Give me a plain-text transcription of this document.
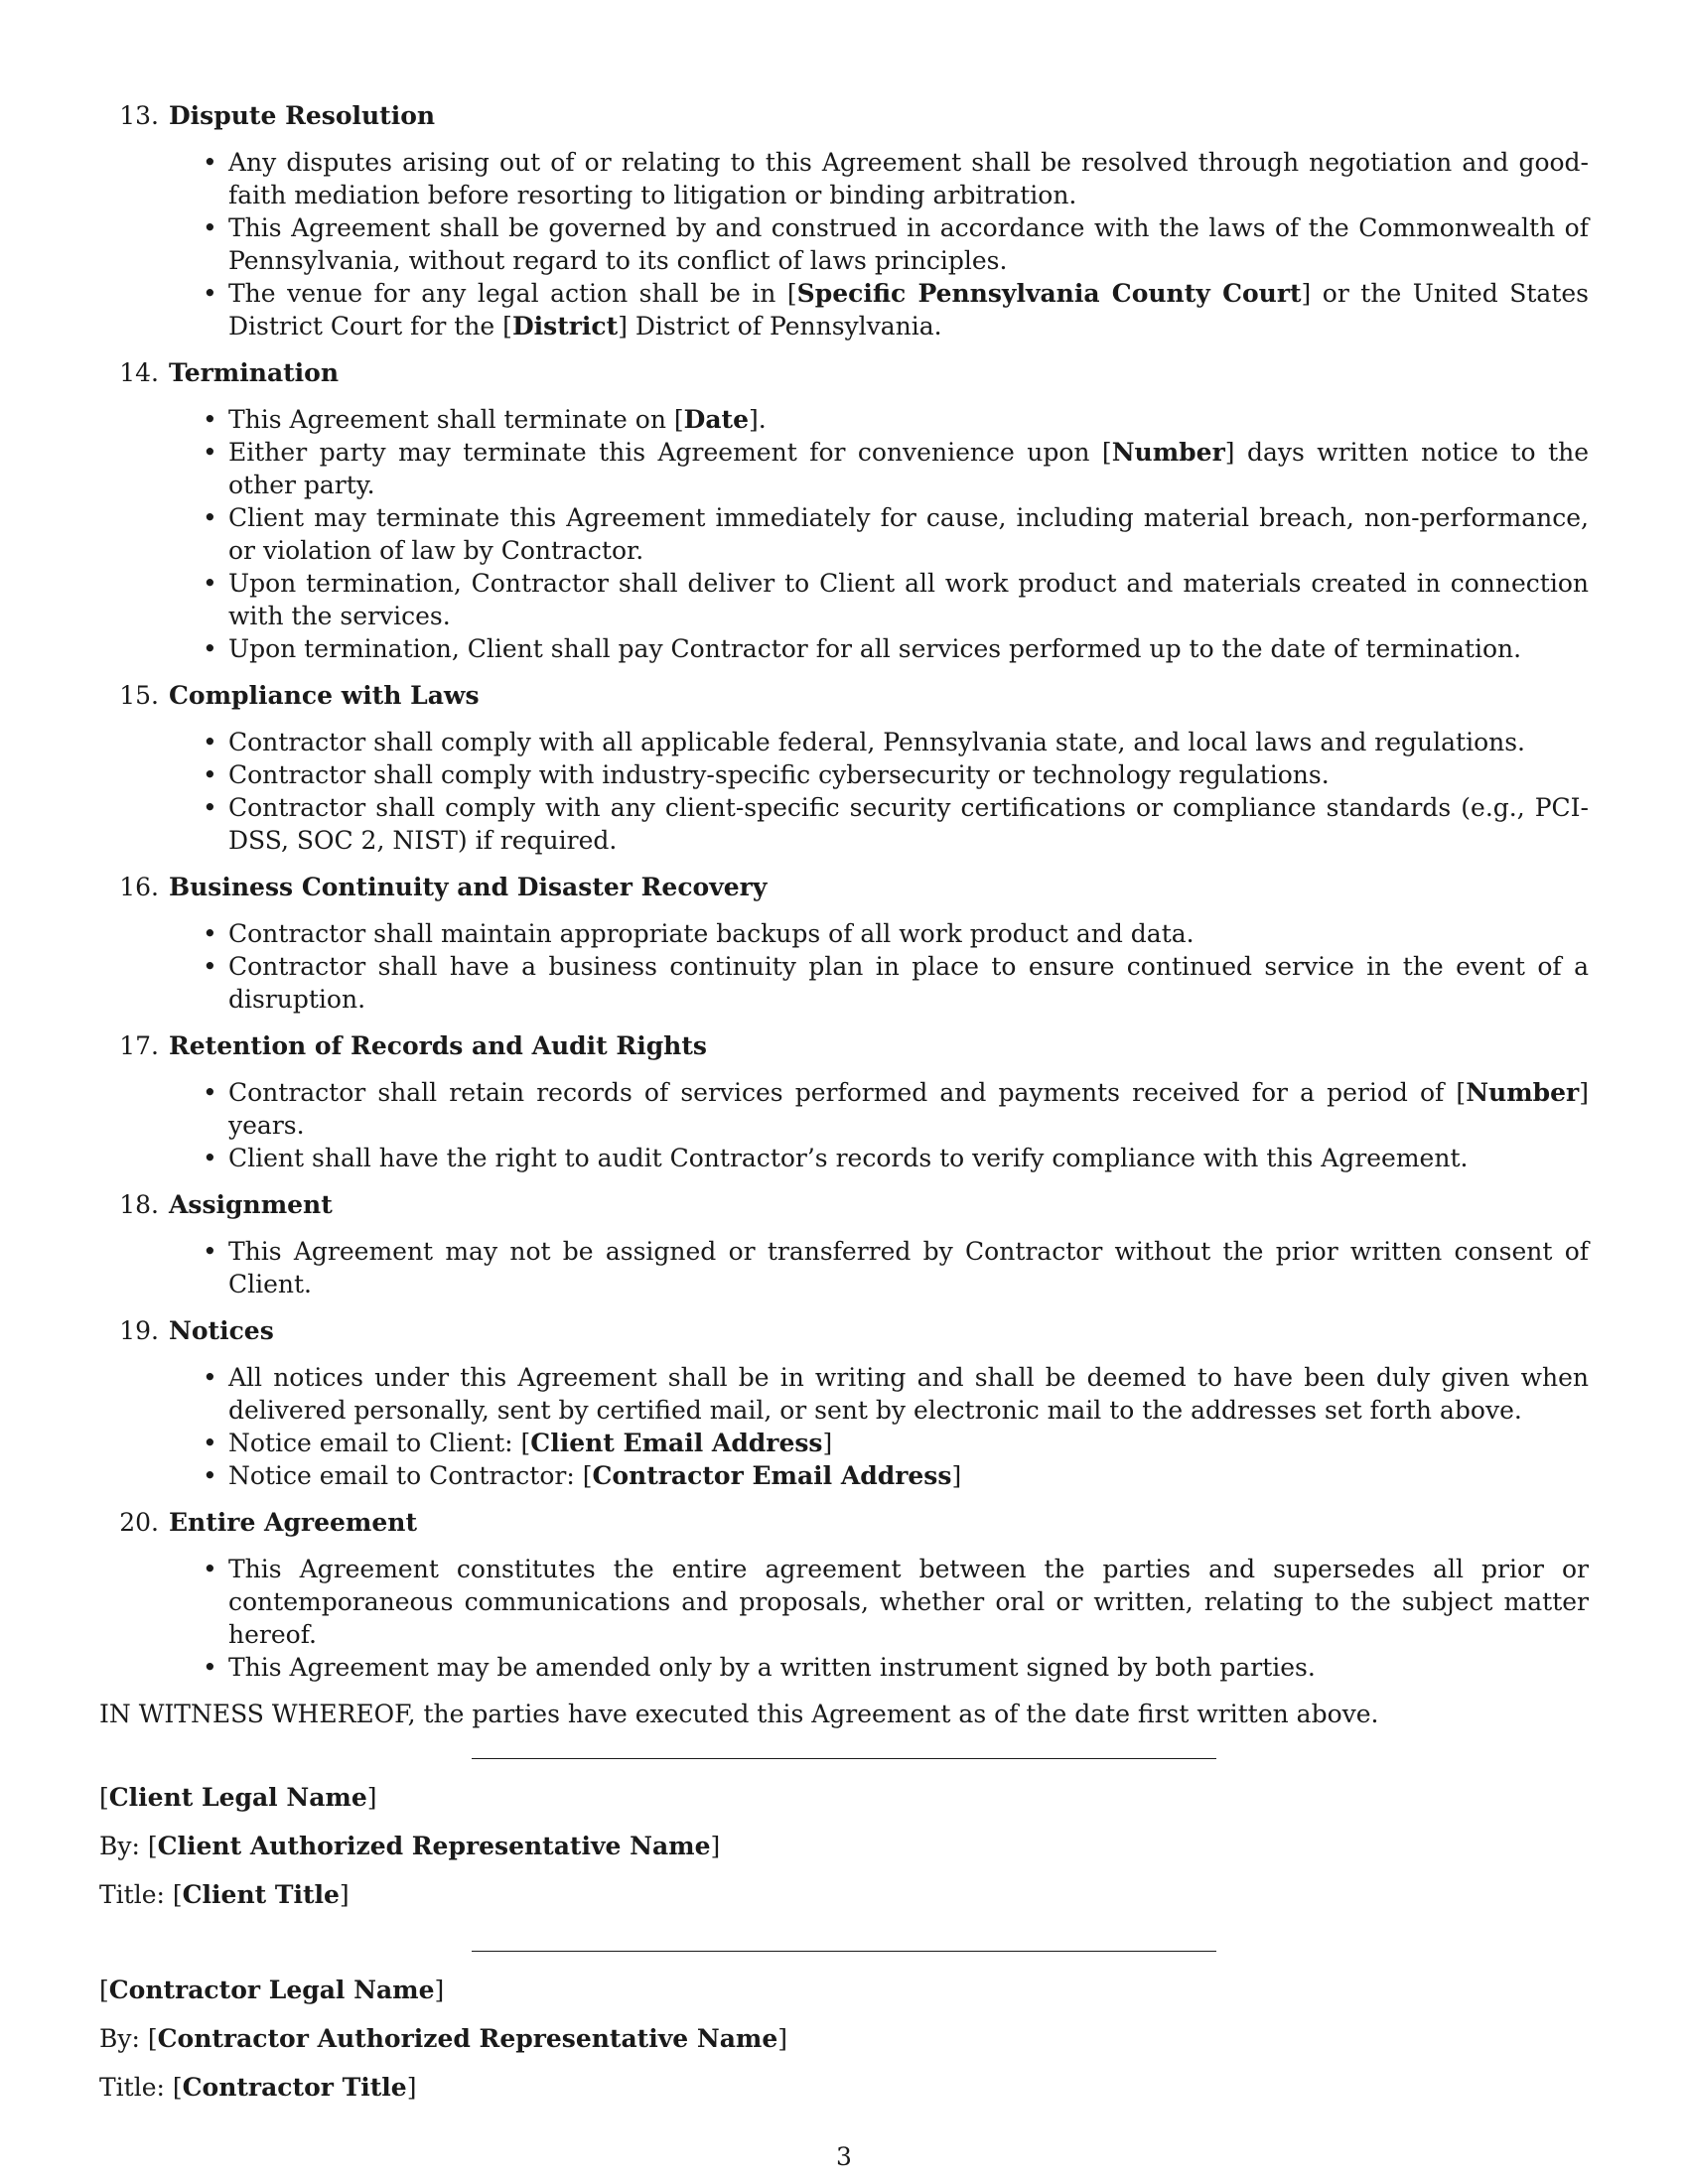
13. Dispute Resolution
• Any disputes arising out of or relating to this Agreement shall be resolved through negotiation and good-faith mediation before resorting to litigation or binding arbitration.
• This Agreement shall be governed by and construed in accordance with the laws of the Commonwealth of Pennsylvania, without regard to its conflict of laws principles.
• The venue for any legal action shall be in [Specific Pennsylvania County Court] or the United States District Court for the [District] District of Pennsylvania.
14. Termination
• This Agreement shall terminate on [Date].
• Either party may terminate this Agreement for convenience upon [Number] days written notice to the other party.
• Client may terminate this Agreement immediately for cause, including material breach, non-performance, or violation of law by Contractor.
• Upon termination, Contractor shall deliver to Client all work product and materials created in connection with the services.
• Upon termination, Client shall pay Contractor for all services performed up to the date of termination.
15. Compliance with Laws
• Contractor shall comply with all applicable federal, Pennsylvania state, and local laws and regulations.
• Contractor shall comply with industry-specific cybersecurity or technology regulations.
• Contractor shall comply with any client-specific security certifications or compliance standards (e.g., PCI-DSS, SOC 2, NIST) if required.
16. Business Continuity and Disaster Recovery
• Contractor shall maintain appropriate backups of all work product and data.
• Contractor shall have a business continuity plan in place to ensure continued service in the event of a disruption.
17. Retention of Records and Audit Rights
• Contractor shall retain records of services performed and payments received for a period of [Number] years.
• Client shall have the right to audit Contractor’s records to verify compliance with this Agreement.
18. Assignment
• This Agreement may not be assigned or transferred by Contractor without the prior written consent of Client.
19. Notices
• All notices under this Agreement shall be in writing and shall be deemed to have been duly given when delivered personally, sent by certified mail, or sent by electronic mail to the addresses set forth above.
• Notice email to Client: [Client Email Address]
• Notice email to Contractor: [Contractor Email Address]
20. Entire Agreement
• This Agreement constitutes the entire agreement between the parties and supersedes all prior or contemporaneous communications and proposals, whether oral or written, relating to the subject matter hereof.
• This Agreement may be amended only by a written instrument signed by both parties.

IN WITNESS WHEREOF, the parties have executed this Agreement as of the date first written above.

[Client Legal Name]

By: [Client Authorized Representative Name]

Title: [Client Title]

[Contractor Legal Name]

By: [Contractor Authorized Representative Name]

Title: [Contractor Title]

3
